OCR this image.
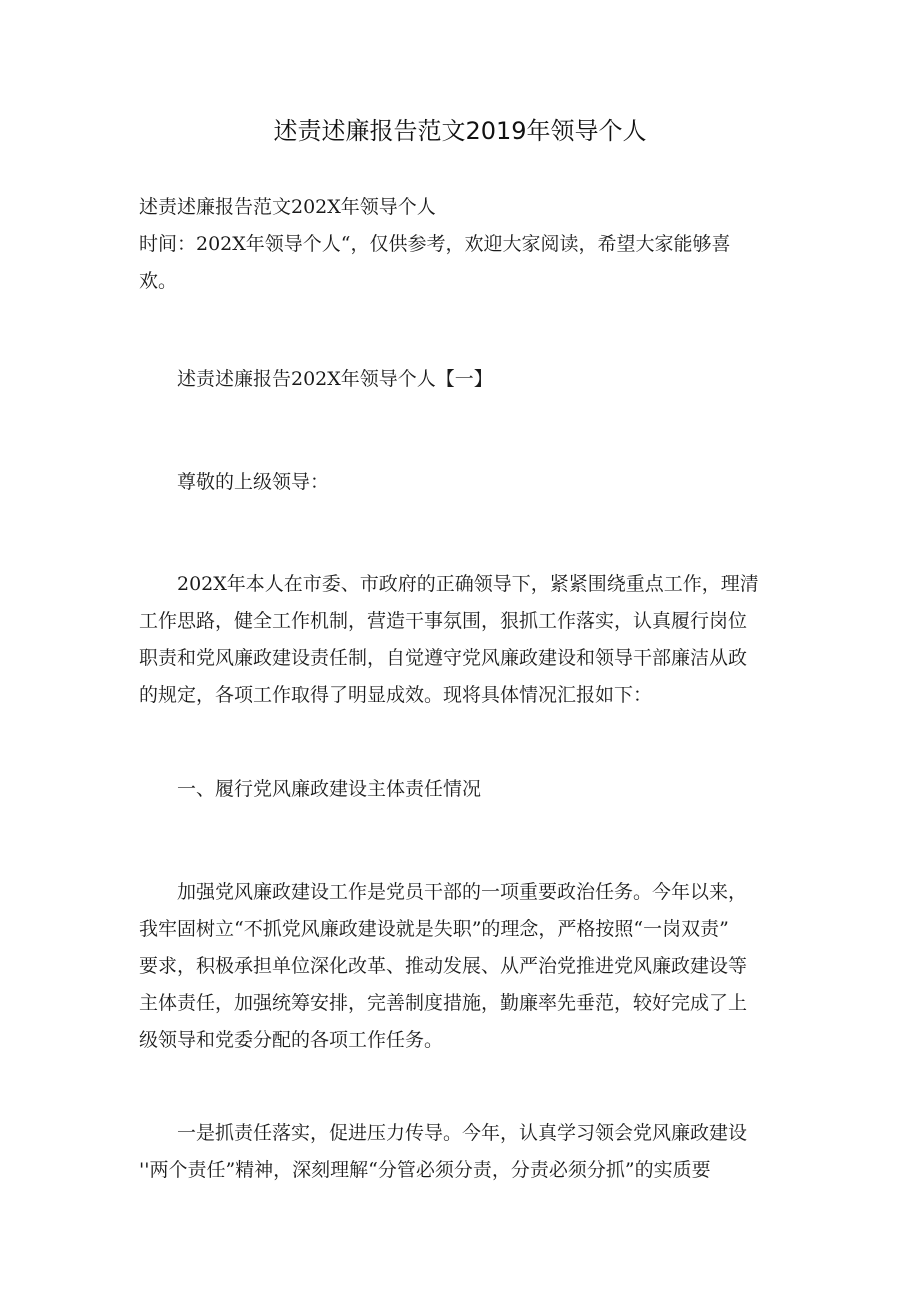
述责述廉报告范文2019年领导个人
述责述廉报告范文202X年领导个人
时间：202X年领导个人“，仅供参考，欢迎大家阅读，希望大家能够喜
欢。
述责述廉报告202X年领导个人【一】
尊敬的上级领导：
202X年本人在市委、市政府的正确领导下，紧紧围绕重点工作，理清
工作思路，健全工作机制，营造干事氛围，狠抓工作落实，认真履行岗位
职责和党风廉政建设责任制，自觉遵守党风廉政建设和领导干部廉洁从政
的规定，各项工作取得了明显成效。现将具体情况汇报如下：
一、履行党风廉政建设主体责任情况
加强党风廉政建设工作是党员干部的一项重要政治任务。今年以来，
我牢固树立“不抓党风廉政建设就是失职”的理念，严格按照“一岗双责”
要求，积极承担单位深化改革、推动发展、从严治党推进党风廉政建设等
主体责任，加强统筹安排，完善制度措施，勤廉率先垂范，较好完成了上
级领导和党委分配的各项工作任务。
一是抓责任落实，促进压力传导。今年，认真学习领会党风廉政建设
''两个责任”精神，深刻理解“分管必须分责，分责必须分抓”的实质要
